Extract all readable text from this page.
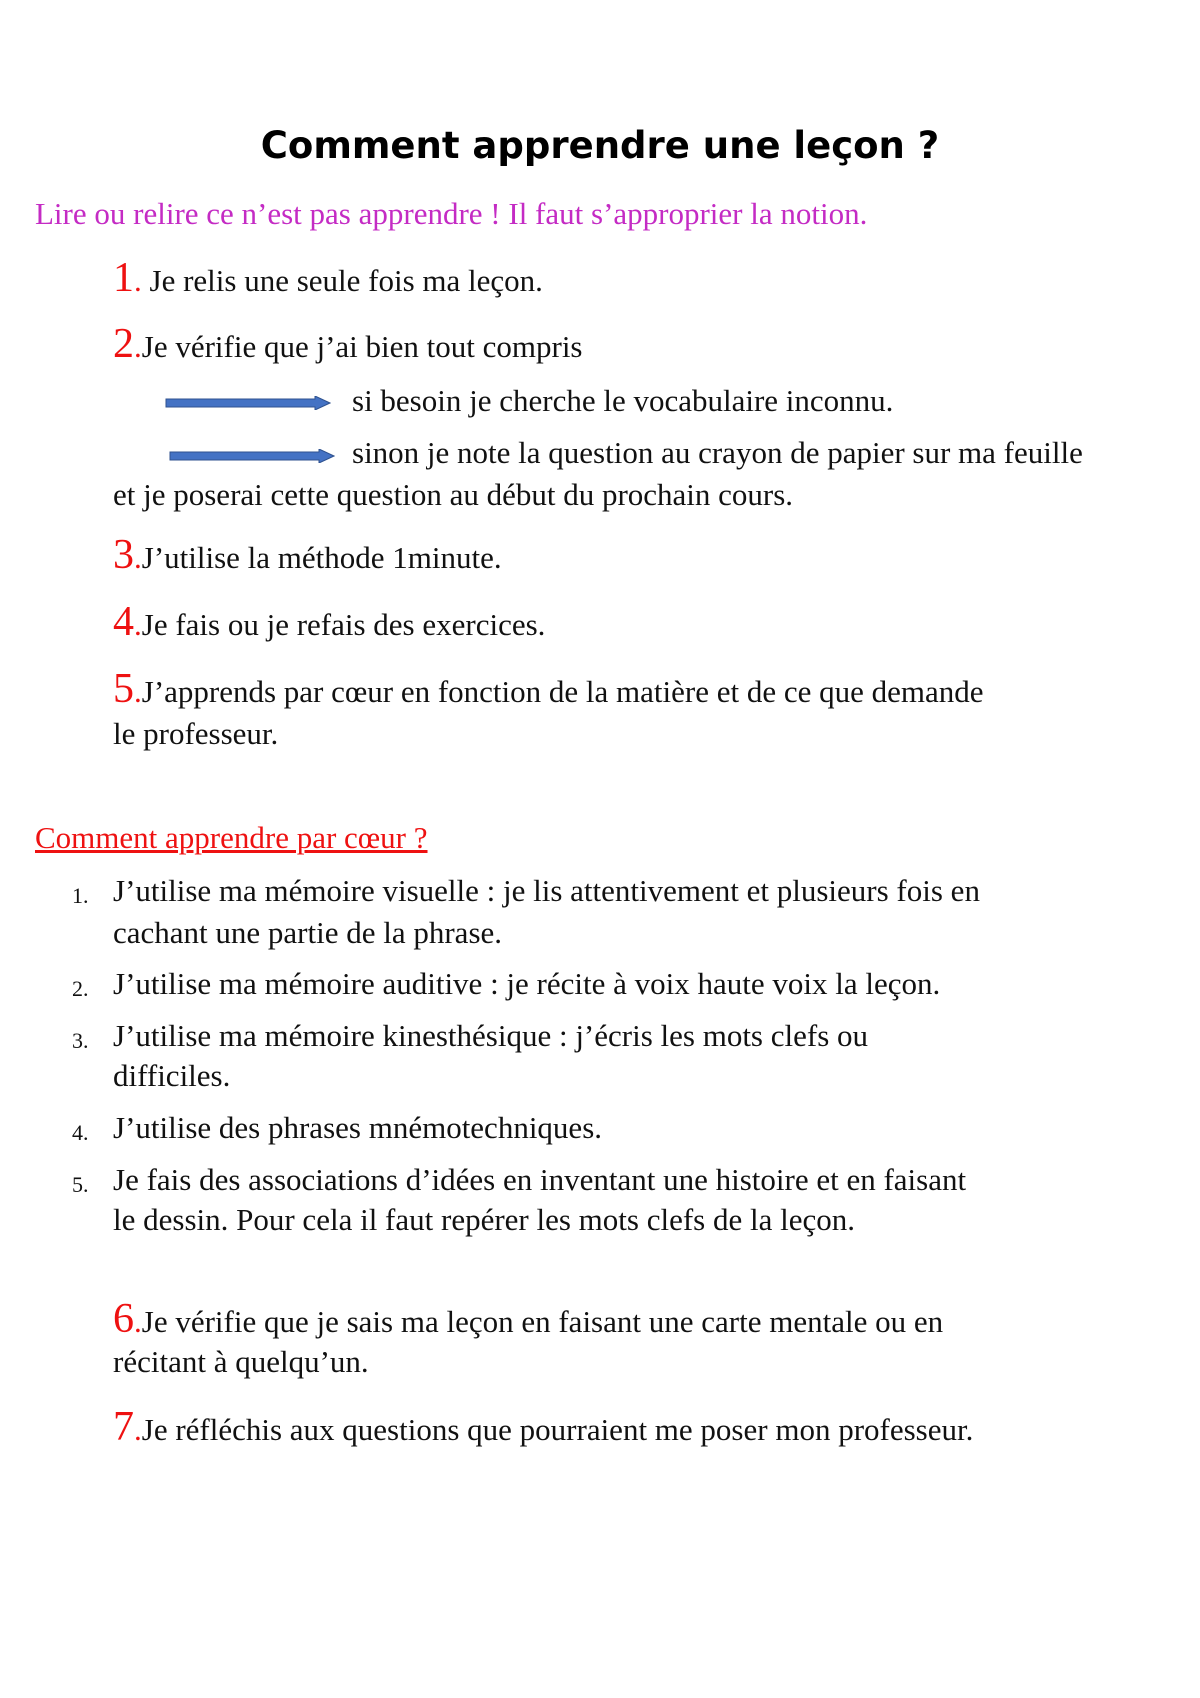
Comment apprendre une leçon ?
Lire ou relire ce n’est pas apprendre ! Il faut s’approprier la notion.
1. Je relis une seule fois ma leçon.
2.Je vérifie que j’ai bien tout compris
si besoin je cherche le vocabulaire inconnu.
sinon je note la question au crayon de papier sur ma feuille
et je poserai cette question au début du prochain cours.
3.J’utilise la méthode 1minute.
4.Je fais ou je refais des exercices.
5.J’apprends par cœur en fonction de la matière et de ce que demande
le professeur.
Comment apprendre par cœur ?
1. J’utilise ma mémoire visuelle : je lis attentivement et plusieurs fois en
cachant une partie de la phrase.
2. J’utilise ma mémoire auditive : je récite à voix haute voix la leçon.
3. J’utilise ma mémoire kinesthésique : j’écris les mots clefs ou
difficiles.
4. J’utilise des phrases mnémotechniques.
5. Je fais des associations d’idées en inventant une histoire et en faisant
le dessin. Pour cela il faut repérer les mots clefs de la leçon.
6.Je vérifie que je sais ma leçon en faisant une carte mentale ou en
récitant à quelqu’un.
7.Je réfléchis aux questions que pourraient me poser mon professeur.
